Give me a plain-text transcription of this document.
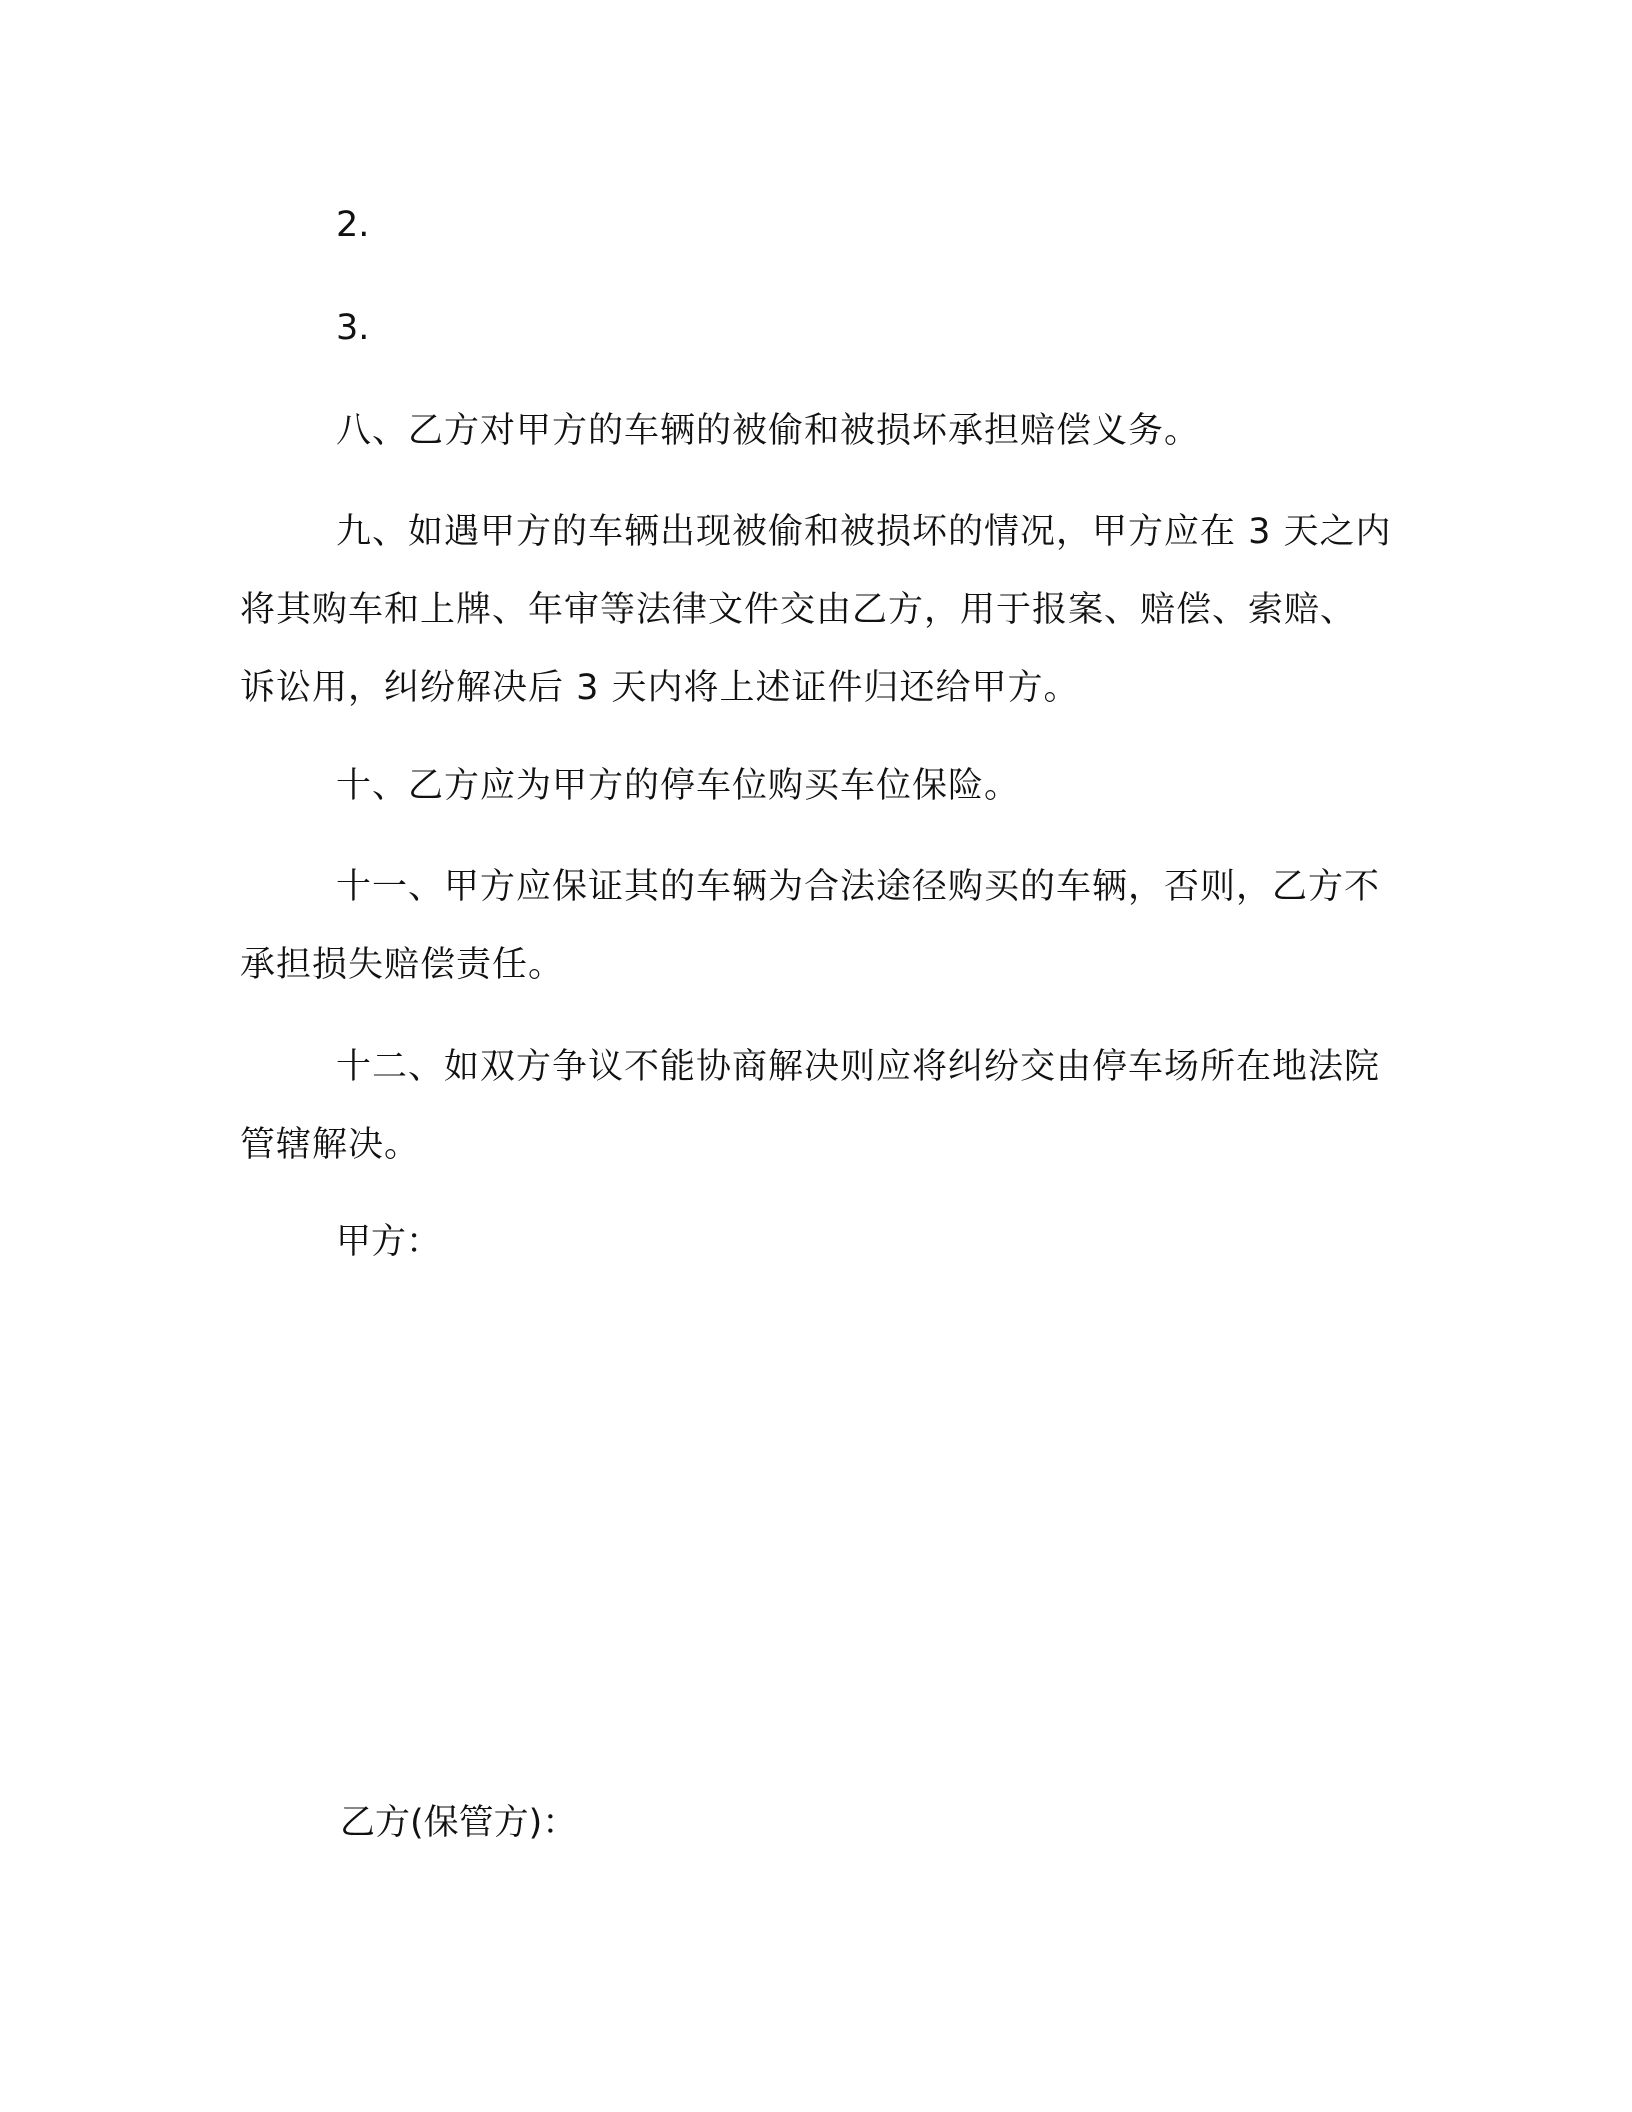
2.

3.

八、乙方对甲方的车辆的被偷和被损坏承担赔偿义务。

九、如遇甲方的车辆出现被偷和被损坏的情况，甲方应在 3 天之内将其购车和上牌、年审等法律文件交由乙方，用于报案、赔偿、索赔、 诉讼用，纠纷解决后 3 天内将上述证件归还给甲方。

十、乙方应为甲方的停车位购买车位保险。

十一、甲方应保证其的车辆为合法途径购买的车辆，否则，乙方不承担损失赔偿责任。

十二、如双方争议不能协商解决则应将纠纷交由停车场所在地法院管辖解决。

甲方：

乙方(保管方)：
